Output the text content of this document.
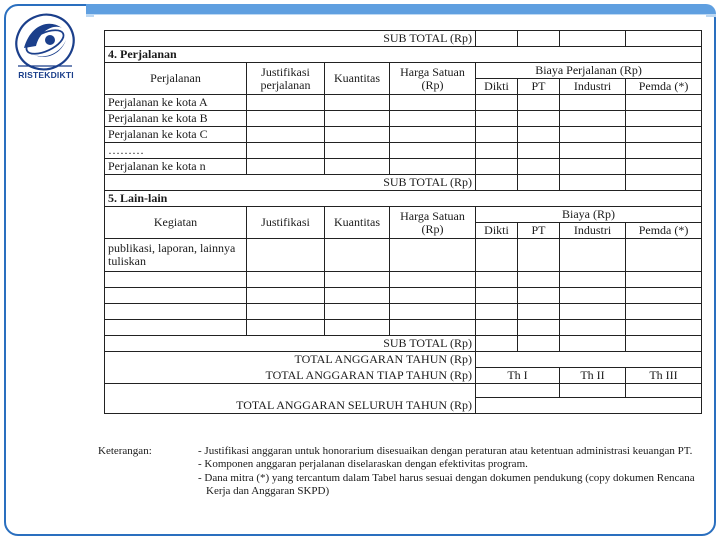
RISTEKDIKTI
SUB TOTAL (Rp)							
4. Perjalanan							
Perjalanan	Justifikasi perjalanan	Kuantitas	Harga Satuan (Rp)	Biaya Perjalanan (Rp)			
				Dikti	PT	Industri	Pemda (*)
Perjalanan ke kota A							
Perjalanan ke kota B							
Perjalanan ke kota C							
………							
Perjalanan ke kota n							
SUB TOTAL (Rp)							
5. Lain-lain							
Kegiatan	Justifikasi	Kuantitas	Harga Satuan (Rp)	Biaya (Rp)			
				Dikti	PT	Industri	Pemda (*)
publikasi, laporan, lainnya tuliskan							

SUB TOTAL (Rp)							
TOTAL ANGGARAN TAHUN (Rp)							
TOTAL ANGGARAN TIAP TAHUN (Rp)				Th I		Th II	Th III

TOTAL ANGGARAN SELURUH TAHUN (Rp)							
Keterangan:	- Justifikasi anggaran untuk honorarium disesuaikan dengan peraturan atau ketentuan administrasi keuangan PT.
- Komponen anggaran perjalanan diselaraskan dengan efektivitas program.
- Dana mitra (*) yang tercantum dalam Tabel harus sesuai dengan dokumen pendukung (copy dokumen Rencana Kerja dan Anggaran SKPD)
